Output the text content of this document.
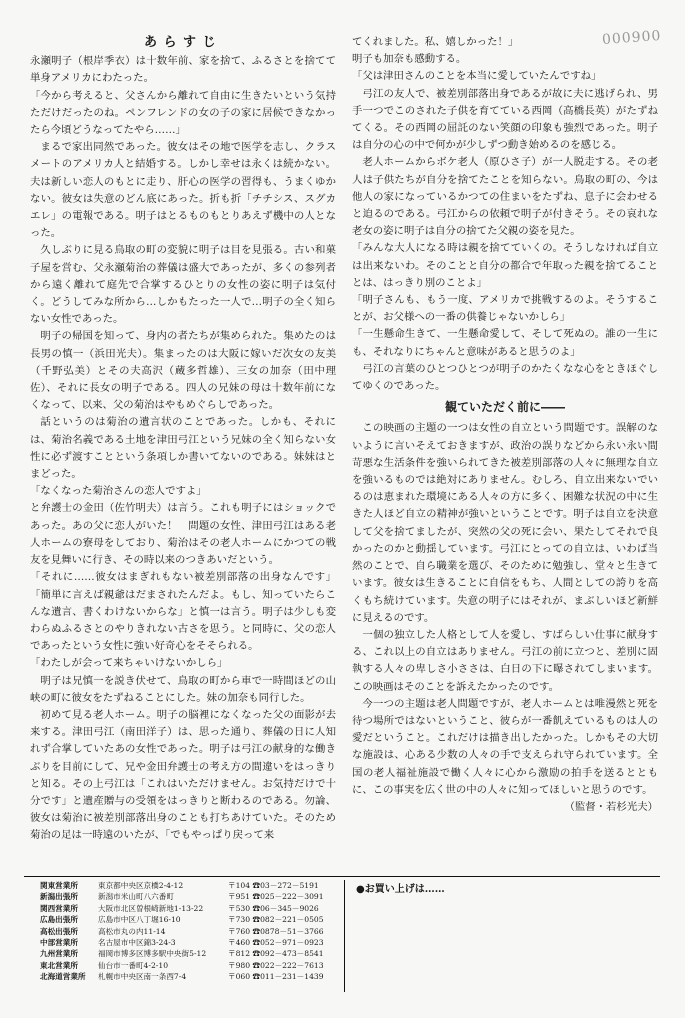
000900
あらすじ

永瀬明子（根岸季衣）は十数年前、家を捨て、ふるさとを捨てて単身アメリカにわたった。

「今から考えると、父さんから離れて自由に生きたいという気持ただけだったのね。ペンフレンドの女の子の家に居候できなかったら今頃どうなってたやら……」

まるで家出同然であった。彼女はその地で医学を志し、クラスメートのアメリカ人と結婚する。しかし幸せは永くは続かない。夫は新しい恋人のもとに走り、肝心の医学の習得も、うまくゆかない。彼女は失意のどん底にあった。折も折「チチシス、スグカエレ」の電報である。明子はとるものもとりあえず機中の人となった。

久しぶりに見る鳥取の町の変貌に明子は目を見張る。古い和菓子屋を営む、父永瀬菊治の葬儀は盛大であったが、多くの参列者から遠く離れて庭先で合掌するひとりの女性の姿に明子は気付く。どうしてみな所から…しかもたった一人で…明子の全く知らない女性であった。

明子の帰国を知って、身内の者たちが集められた。集めたのは長男の慎一（浜田光夫）。集まったのは大阪に嫁いだ次女の友美（千野弘美）とその夫高沢（蔵多哲雄）、三女の加奈（田中理佐）、それに長女の明子である。四人の兄妹の母は十数年前になくなって、以来、父の菊治はやもめぐらしであった。

話というのは菊治の遺言状のことであった。しかも、それには、菊治名義である土地を津田弓江という兄妹の全く知らない女性に必ず渡すことという条項しか書いてないのである。妹妹はとまどった。

「なくなった菊治さんの恋人ですよ」

と弁護士の金田（佐竹明夫）は言う。これも明子にはショックであった。あの父に恋人がいた！　問題の女性、津田弓江はある老人ホームの寮母をしており、菊治はその老人ホームにかつての戦友を見舞いに行き、その時以来のつきあいだという。

「それに……彼女はまぎれもない被差別部落の出身なんです」「簡単に言えば親爺はだまされたんだよ。もし、知っていたらこんな遺言、書くわけないからな」と慎一は言う。明子は少しも変わらぬふるさとのやりきれない古さを思う。と同時に、父の恋人であったという女性に強い好奇心をそそられる。

「わたしが会って来ちゃいけないかしら」

明子は兄慎一を説き伏せて、鳥取の町から車で一時間ほどの山峡の町に彼女をたずねることにした。妹の加奈も同行した。

初めて見る老人ホーム。明子の脳裡になくなった父の面影が去来する。津田弓江（南田洋子）は、思った通り、葬儀の日に人知れず合掌していたあの女性であった。明子は弓江の献身的な働きぶりを目前にして、兄や金田弁護士の考え方の間違いをはっきりと知る。その上弓江は「これはいただけません。お気持だけで十分です」と遺産贈与の受領をはっきりと断わるのである。勿論、彼女は菊治に被差別部落出身のことも打ちあけていた。そのため菊治の足は一時遠のいたが、「でもやっぱり戻って来

てくれました。私、嬉しかった！」

明子も加奈も感動する。

「父は津田さんのことを本当に愛していたんですね」

弓江の友人で、被差別部落出身であるが故に夫に逃げられ、男手一つでこのされた子供を育てている西岡（高橋長英）がたずねてくる。その西岡の屈託のない笑顔の印象も強烈であった。明子は自分の心の中で何かが少しずつ動き始めるのを感じる。

老人ホームからボケ老人（原ひさ子）が一人脱走する。その老人は子供たちが自分を捨てたことを知らない。鳥取の町の、今は他人の家になっているかつての住まいをたずね、息子に会わせると迫るのである。弓江からの依頼で明子が付きそう。その哀れな老女の姿に明子は自分の捨てた父親の姿を見た。

「みんな大人になる時は親を捨てていくの。そうしなければ自立は出来ないわ。そのことと自分の都合で年取った親を捨てることとは、はっきり別のことよ」

「明子さんも、もう一度、アメリカで挑戦するのよ。そうすることが、お父様への一番の供養じゃないかしら」

「一生懸命生きて、一生懸命愛して、そして死ぬの。誰の一生にも、それなりにちゃんと意味があると思うのよ」

弓江の言葉のひとつひとつが明子のかたくなな心をときほぐしてゆくのであった。

観ていただく前に――

この映画の主題の一つは女性の自立という問題です。誤解のないように言いそえておきますが、政治の誤りなどから永い永い間苛悪な生活条件を強いられてきた被差別部落の人々に無理な自立を強いるものでは絶対にありません。むしろ、自立出来ないでいるのは恵まれた環境にある人々の方に多く、困難な状況の中に生きた人ほど自立の精神が強いということです。明子は自立を決意して父を捨てましたが、突然の父の死に会い、果たしてそれで良かったのかと動揺しています。弓江にとっての自立は、いわば当然のことで、自ら職業を選び、そのために勉強し、堂々と生きています。彼女は生きることに自信をもち、人間としての誇りを高くもち続けています。失意の明子にはそれが、まぶしいほど新鮮に見えるのです。

一個の独立した人格として人を愛し、すばらしい仕事に献身する、これ以上の自立はありません。弓江の前に立つと、差別に固執する人々の卑しさ小ささは、白日の下に曝されてしまいます。この映画はそのことを訴えたかったのです。

今一つの主題は老人問題ですが、老人ホームとは唯漫然と死を待つ場所ではないということ、彼らが一番飢えているものは人の愛だということ。これだけは描き出したかった。しかもその大切な施設は、心ある少数の人々の手で支えられ守られています。全国の老人福祉施設で働く人々に心から激励の拍手を送るとともに、この事実を広く世の中の人々に知ってほしいと思うのです。

（監督・若杉光夫）

関東営業所	東京都中央区京橋2-4-12	〒104 ☎03－272－5191
新潟出張所	新潟市米山町八六番町	〒951 ☎025－222－3091
関西営業所	大阪市北区曽根崎新地1-13-22	〒530 ☎06－345－9026
広島出張所	広島市中区八丁堀16-10	〒730 ☎082－221－0505
高松出張所	高松市丸の内11-14	〒760 ☎0878－51－3766
中部営業所	名古屋市中区錦3-24-3	〒460 ☎052－971－0923
九州営業所	福岡市博多区博多駅中央街5-12	〒812 ☎092－473－8541
東北営業所	仙台市一番町4-2-10	〒980 ☎022－222－7613
北海道営業所	札幌市中央区南一条西7-4	〒060 ☎011－231－1439
●お買い上げは……
